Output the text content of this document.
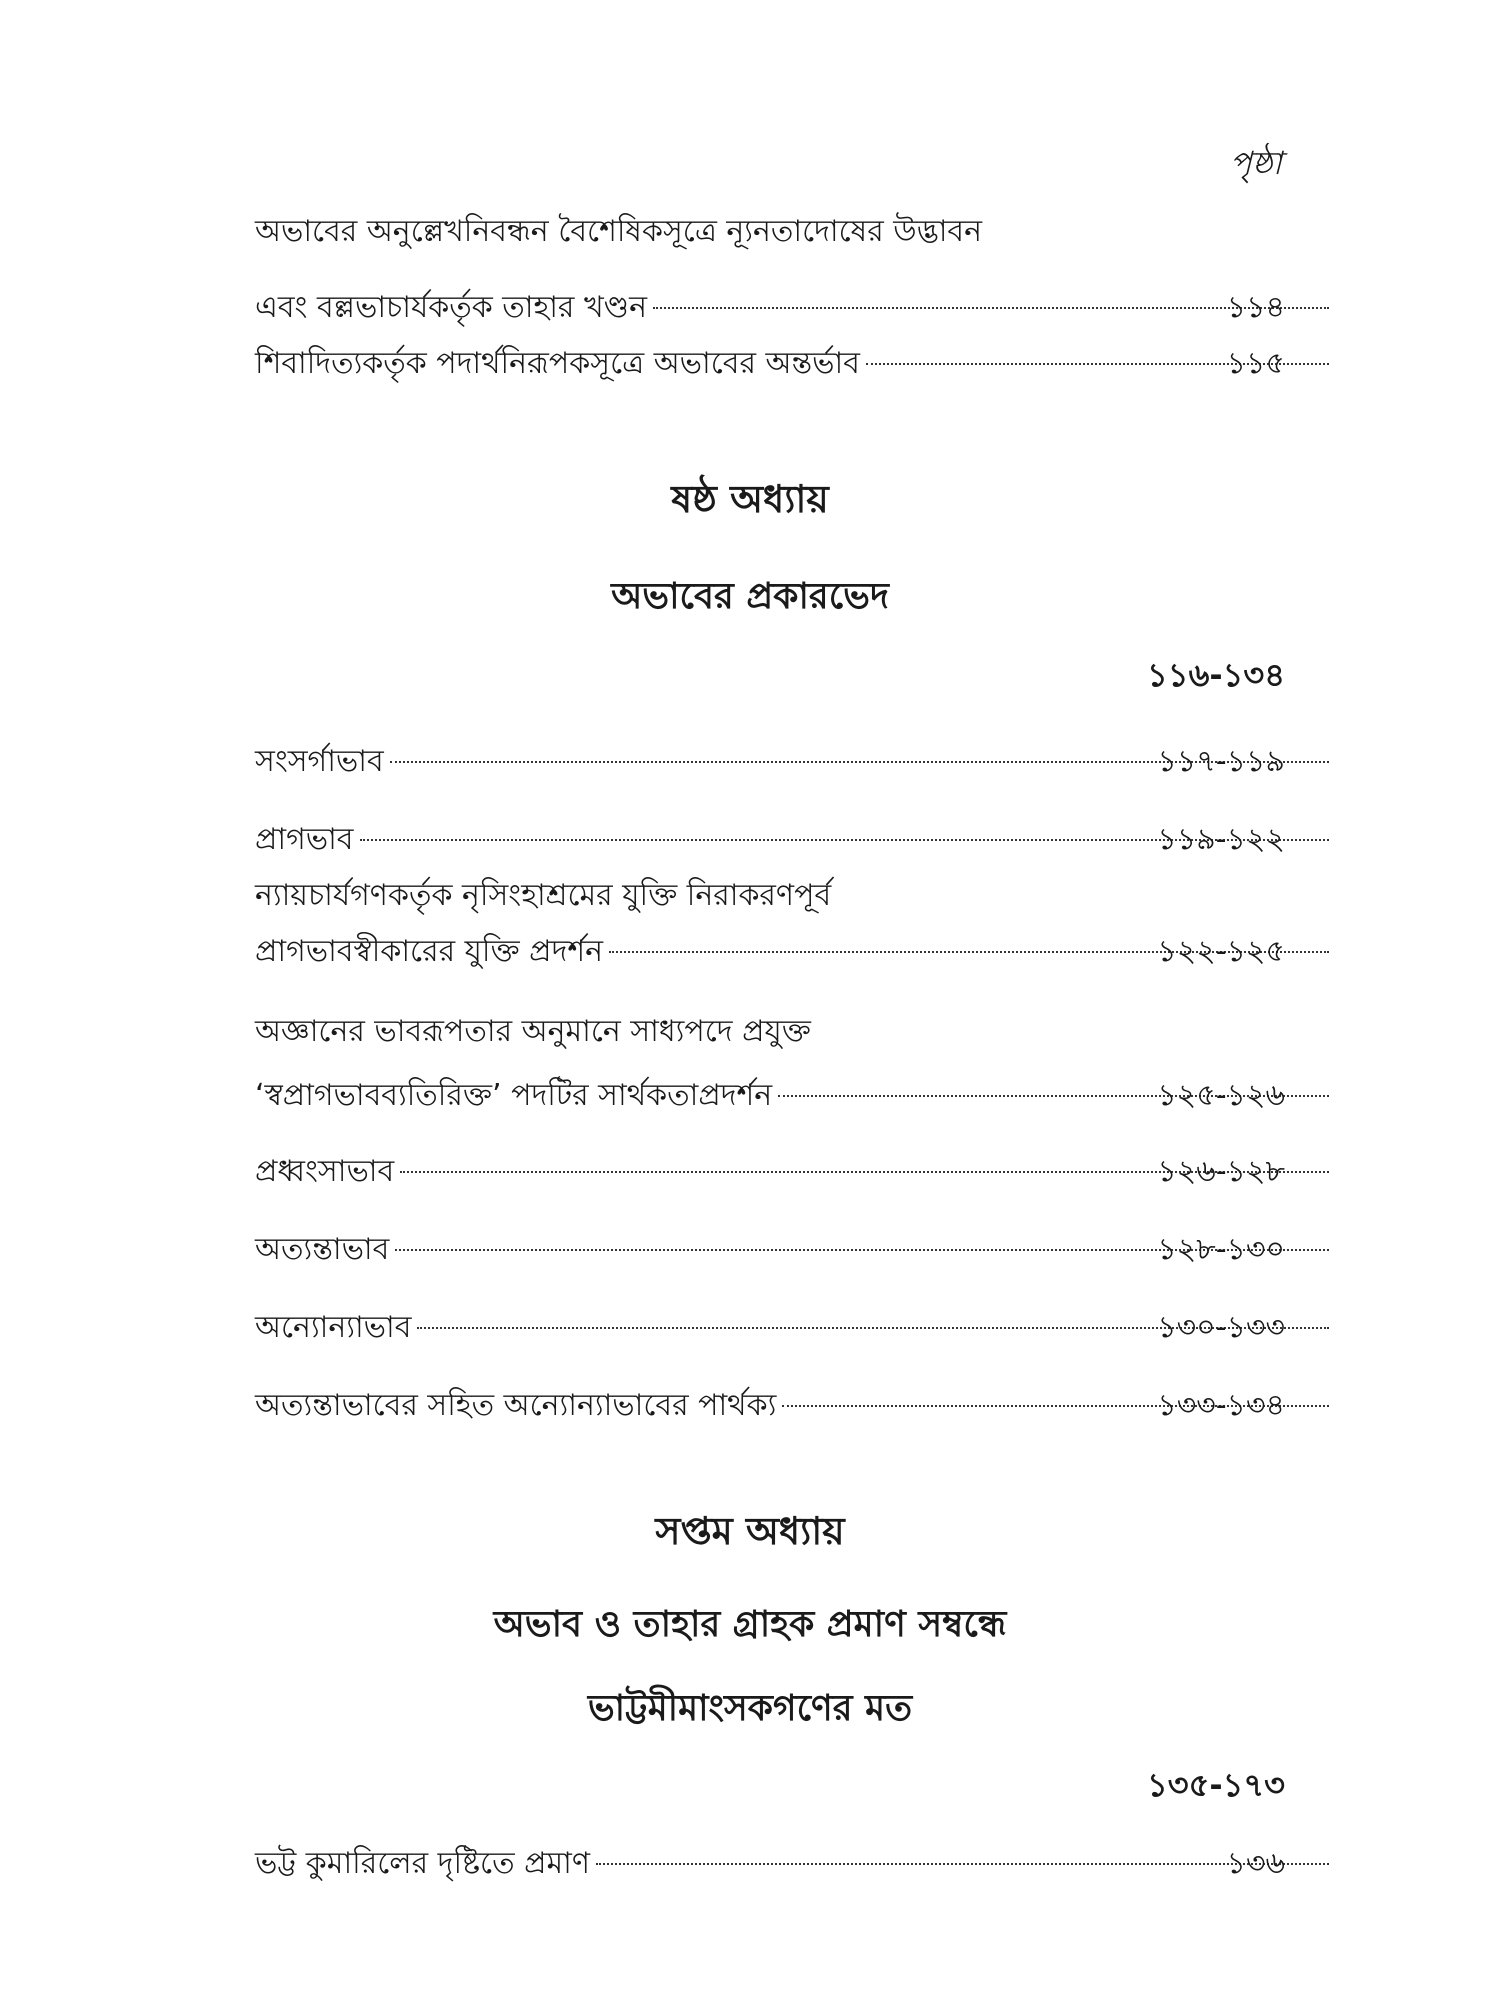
পৃষ্ঠা
অভাবের অনুল্লেখনিবন্ধন বৈশেষিকসূত্রে ন্যূনতাদোষের উদ্ভাবন
এবং বল্লভাচার্যকর্তৃক তাহার খণ্ডন	১১৪
শিবাদিত্যকর্তৃক পদার্থনিরূপকসূত্রে অভাবের অন্তর্ভাব	১১৫
ষষ্ঠ অধ্যায়
অভাবের প্রকারভেদ
১১৬-১৩৪
সংসর্গাভাব	১১৭-১১৯
প্রাগভাব	১১৯-১২২
ন্যায়চার্যগণকর্তৃক নৃসিংহাশ্রমের যুক্তি নিরাকরণপূর্ব
প্রাগভাবস্বীকারের যুক্তি প্রদর্শন	১২২-১২৫
অজ্ঞানের ভাবরূপতার অনুমানে সাধ্যপদে প্রযুক্ত
‘স্বপ্রাগভাবব্যতিরিক্ত’ পদটির সার্থকতাপ্রদর্শন	১২৫-১২৬
প্রধ্বংসাভাব	১২৬-১২৮
অত্যন্তাভাব	১২৮-১৩০
অন্যোন্যাভাব	১৩০-১৩৩
অত্যন্তাভাবের সহিত অন্যোন্যাভাবের পার্থক্য	১৩৩-১৩৪
সপ্তম অধ্যায়
অভাব ও তাহার গ্রাহক প্রমাণ সম্বন্ধে
ভাট্টমীমাংসকগণের মত
১৩৫-১৭৩
ভট্ট কুমারিলের দৃষ্টিতে প্রমাণ	১৩৬
